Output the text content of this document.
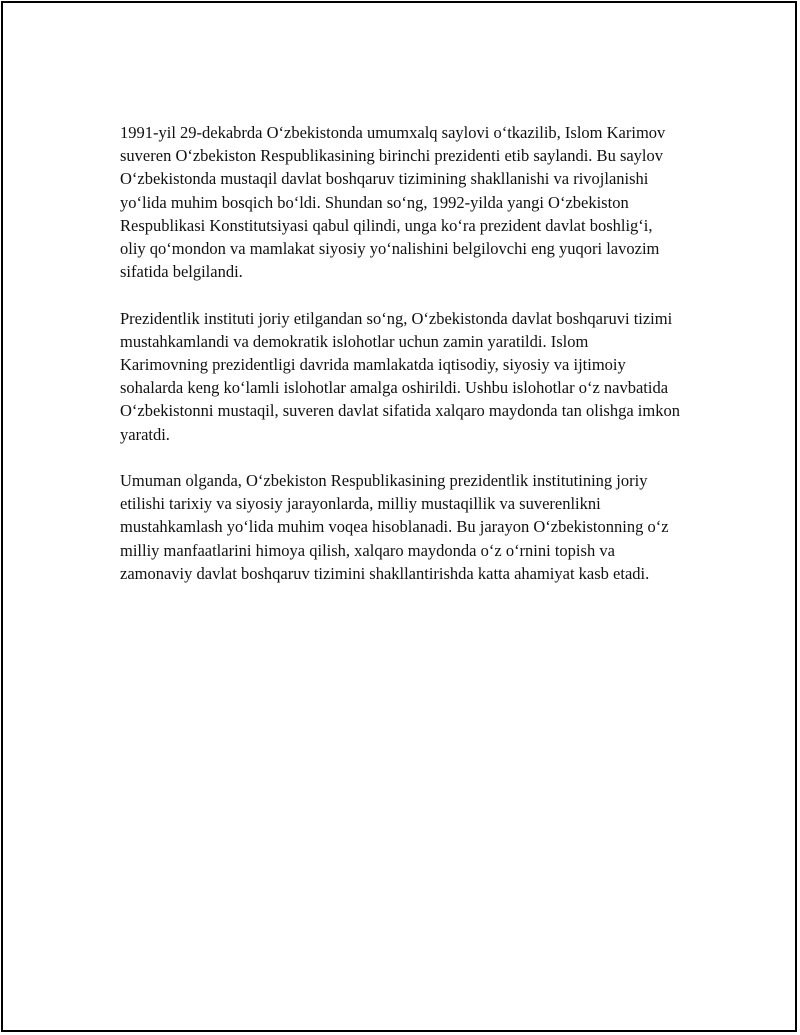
1991-yil 29-dekabrda O‘zbekistonda umumxalq saylovi o‘tkazilib, Islom Karimov suveren O‘zbekiston Respublikasining birinchi prezidenti etib saylandi. Bu saylov O‘zbekistonda mustaqil davlat boshqaruv tizimining shakllanishi va rivojlanishi yo‘lida muhim bosqich bo‘ldi. Shundan so‘ng, 1992-yilda yangi O‘zbekiston Respublikasi Konstitutsiyasi qabul qilindi, unga ko‘ra prezident davlat boshlig‘i, oliy qo‘mondon va mamlakat siyosiy yo‘nalishini belgilovchi eng yuqori lavozim sifatida belgilandi.

Prezidentlik instituti joriy etilgandan so‘ng, O‘zbekistonda davlat boshqaruvi tizimi mustahkamlandi va demokratik islohotlar uchun zamin yaratildi. Islom Karimovning prezidentligi davrida mamlakatda iqtisodiy, siyosiy va ijtimoiy sohalarda keng ko‘lamli islohotlar amalga oshirildi. Ushbu islohotlar o‘z navbatida O‘zbekistonni mustaqil, suveren davlat sifatida xalqaro maydonda tan olishga imkon yaratdi.

Umuman olganda, O‘zbekiston Respublikasining prezidentlik institutining joriy etilishi tarixiy va siyosiy jarayonlarda, milliy mustaqillik va suverenlikni mustahkamlash yo‘lida muhim voqea hisoblanadi. Bu jarayon O‘zbekistonning o‘z milliy manfaatlarini himoya qilish, xalqaro maydonda o‘z o‘rnini topish va zamonaviy davlat boshqaruv tizimini shakllantirishda katta ahamiyat kasb etadi.
